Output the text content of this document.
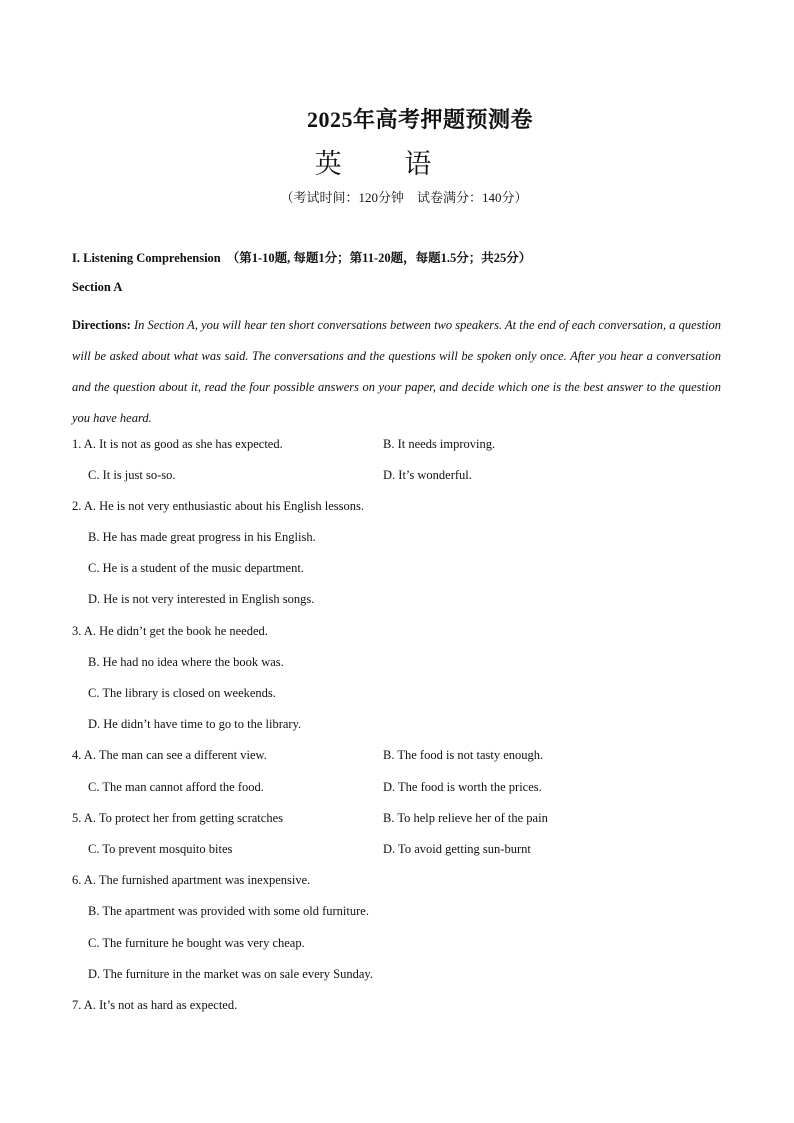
2025年高考押题预测卷
英 语
（考试时间：120分钟　试卷满分：140分）
I. Listening Comprehension （第1-10题, 每题1分；第11-20题，每题1.5分；共25分）
Section A
Directions: In Section A, you will hear ten short conversations between two speakers. At the end of each conversation, a question will be asked about what was said. The conversations and the questions will be spoken only once. After you hear a conversation and the question about it, read the four possible answers on your paper, and decide which one is the best answer to the question you have heard.
1. A. It is not as good as she has expected.	B. It needs improving.
C. It is just so-so.	D. It’s wonderful.
2. A. He is not very enthusiastic about his English lessons.
B. He has made great progress in his English.
C. He is a student of the music department.
D. He is not very interested in English songs.
3. A. He didn’t get the book he needed.
B. He had no idea where the book was.
C. The library is closed on weekends.
D. He didn’t have time to go to the library.
4. A. The man can see a different view.	B. The food is not tasty enough.
C. The man cannot afford the food.	D. The food is worth the prices.
5. A. To protect her from getting scratches	B. To help relieve her of the pain
C. To prevent mosquito bites	D. To avoid getting sun-burnt
6. A. The furnished apartment was inexpensive.
B. The apartment was provided with some old furniture.
C. The furniture he bought was very cheap.
D. The furniture in the market was on sale every Sunday.
7. A. It’s not as hard as expected.
